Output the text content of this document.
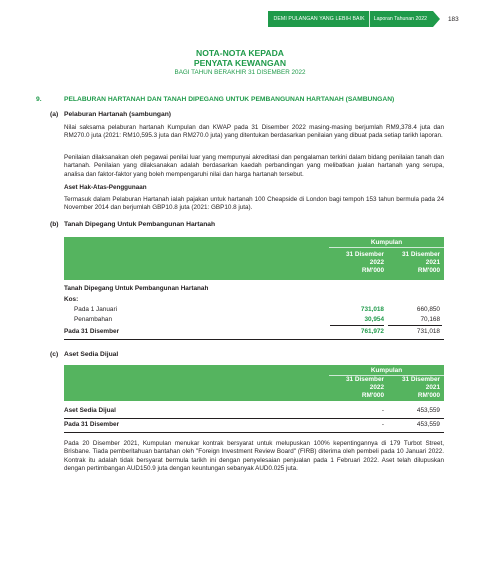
DEMI PULANGAN YANG LEBIH BAIK	Laporan Tahunan 2022	183
NOTA-NOTA KEPADA
PENYATA KEWANGAN
BAGI TAHUN BERAKHIR 31 DISEMBER 2022
9.	PELABURAN HARTANAH DAN TANAH DIPEGANG UNTUK PEMBANGUNAN HARTANAH (SAMBUNGAN)
(a) Pelaburan Hartanah (sambungan)
Nilai saksama pelaburan hartanah Kumpulan dan KWAP pada 31 Disember 2022 masing-masing berjumlah RM9,378.4 juta dan RM270.0 juta (2021: RM10,595.3 juta dan RM270.0 juta) yang ditentukan berdasarkan penilaian yang dibuat pada setiap tarikh laporan.
Penilaian dilaksanakan oleh pegawai penilai luar yang mempunyai akreditasi dan pengalaman terkini dalam bidang penilaian tanah dan hartanah. Penilaian yang dilaksanakan adalah berdasarkan kaedah perbandingan yang melibatkan jualan hartanah yang serupa, analisa dan faktor-faktor yang boleh mempengaruhi nilai dan harga hartanah tersebut.
Aset Hak-Atas-Penggunaan
Termasuk dalam Pelaburan Hartanah ialah pajakan untuk hartanah 100 Cheapside di London bagi tempoh 153 tahun bermula pada 24 November 2014 dan berjumlah GBP10.8 juta (2021: GBP10.8 juta).
(b) Tanah Dipegang Untuk Pembangunan Hartanah
Kumpulan
31 Disember
2022
RM'000
31 Disember
2021
RM'000
Tanah Dipegang Untuk Pembangunan Hartanah
Kos:
Pada 1 Januari	731,018	660,850
Penambahan	30,954	70,168
Pada 31 Disember	761,972	731,018
(c) Aset Sedia Dijual
Kumpulan
31 Disember
2022
RM'000
31 Disember
2021
RM'000
Aset Sedia Dijual	-	453,559
Pada 31 Disember	-	453,559
Pada 20 Disember 2021, Kumpulan menukar kontrak bersyarat untuk melupuskan 100% kepentingannya di 179 Turbot Street, Brisbane. Tiada pemberitahuan bantahan oleh "Foreign Investment Review Board" (FIRB) diterima oleh pembeli pada 10 Januari 2022. Kontrak itu adalah tidak bersyarat bermula tarikh ini dengan penyelesaian penjualan pada 1 Februari 2022. Aset telah dilupuskan dengan pertimbangan AUD150.9 juta dengan keuntungan sebanyak AUD0.025 juta.
